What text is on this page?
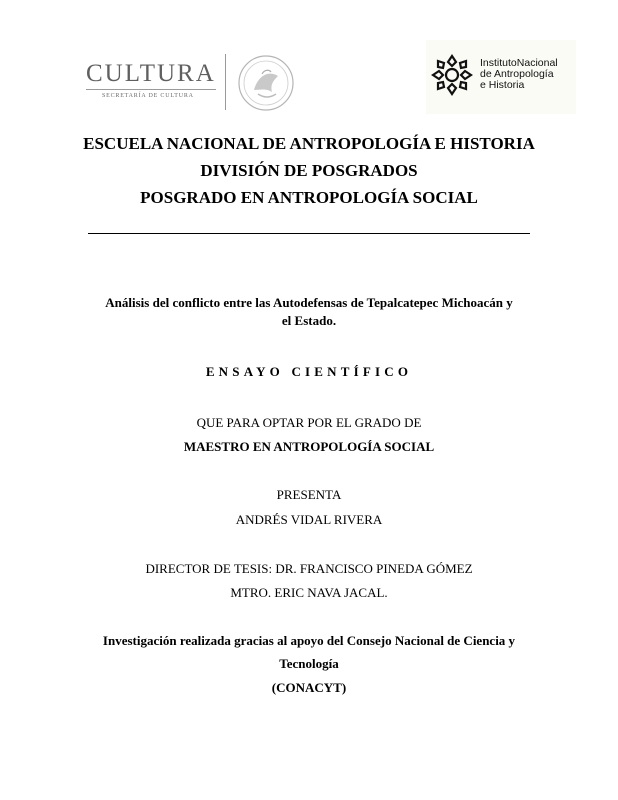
CULTURA
SECRETARÍA DE CULTURA
InstitutoNacional
de Antropología
e Historia
ESCUELA NACIONAL DE ANTROPOLOGÍA E HISTORIA
DIVISIÓN DE POSGRADOS
POSGRADO EN ANTROPOLOGÍA SOCIAL
Análisis del conflicto entre las Autodefensas de Tepalcatepec Michoacán y
el Estado.
ENSAYO CIENTÍFICO
QUE PARA OPTAR POR EL GRADO DE
MAESTRO EN ANTROPOLOGÍA SOCIAL
PRESENTA
ANDRÉS VIDAL RIVERA
DIRECTOR DE TESIS: DR. FRANCISCO PINEDA GÓMEZ
MTRO. ERIC NAVA JACAL.
Investigación realizada gracias al apoyo del Consejo Nacional de Ciencia y
Tecnología
(CONACYT)
